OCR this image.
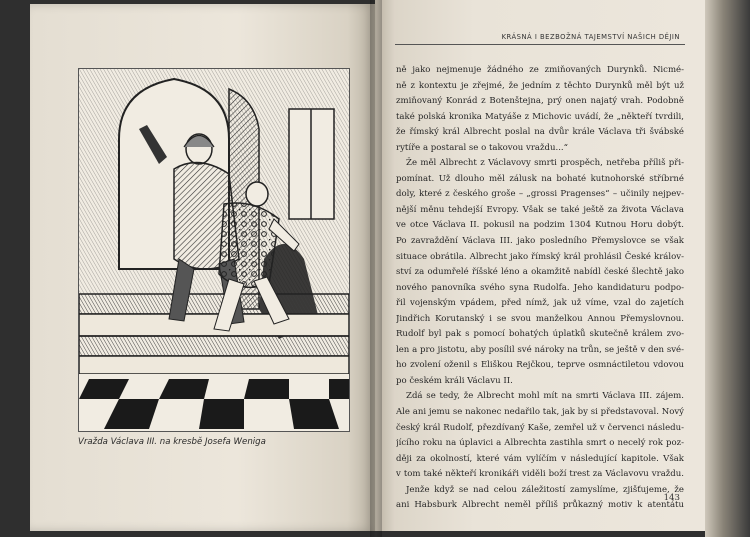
Vražda Václava III. na kresbě Josefa Weniga
KRÁSNÁ I BEZBOŽNÁ TAJEMSTVÍ NAŠICH DĚJIN
ně jako nejmenuje žádného ze zmiňovaných Durynků. Nicmé-
ně z kontextu je zřejmé, že jedním z těchto Durynků měl být už
zmiňovaný Konrád z Botenštejna, prý onen najatý vrah. Podobně
také polská kronika Matyáše z Michovic uvádí, že „někteří tvrdili,
že římský král Albrecht poslal na dvůr krále Václava tři švábské
rytíře a postaral se o takovou vraždu...“
Že měl Albrecht z Václavovy smrti prospěch, netřeba příliš při-
pomínat. Už dlouho měl zálusk na bohaté kutnohorské stříbrné
doly, které z českého groše – „grossi Pragenses“ – učinily nejpev-
nější měnu tehdejší Evropy. Však se také ještě za života Václava
ve otce Václava II. pokusil na podzim 1304 Kutnou Horu dobýt.
Po zavraždění Václava III. jako posledního Přemyslovce se však
situace obrátila. Albrecht jako římský král prohlásil České králov-
ství za odumřelé říšské léno a okamžitě nabídl české šlechtě jako
nového panovníka svého syna Rudolfa. Jeho kandidaturu podpo-
řil vojenským vpádem, před nímž, jak už víme, vzal do zajetích
Jindřich Korutanský i se svou manželkou Annou Přemyslovnou.
Rudolf byl pak s pomocí bohatých úplatků skutečně králem zvo-
len a pro jistotu, aby posílil své nároky na trůn, se ještě v den své-
ho zvolení oženil s Eliškou Rejčkou, teprve osmnáctiletou vdovou
po českém králi Václavu II.
Zdá se tedy, že Albrecht mohl mít na smrti Václava III. zájem.
Ale ani jemu se nakonec nedařilo tak, jak by si představoval. Nový
český král Rudolf, přezdívaný Kaše, zemřel už v červenci následu-
jícího roku na úplavici a Albrechta zastihla smrt o necelý rok poz-
ději za okolností, které vám vylíčím v následující kapitole. Však
v tom také někteří kronikáři viděli boží trest za Václavovu vraždu.
Jenže když se nad celou záležitostí zamyslíme, zjišťujeme, že
ani Habsburk Albrecht neměl příliš průkazný motiv k atentátu
143
